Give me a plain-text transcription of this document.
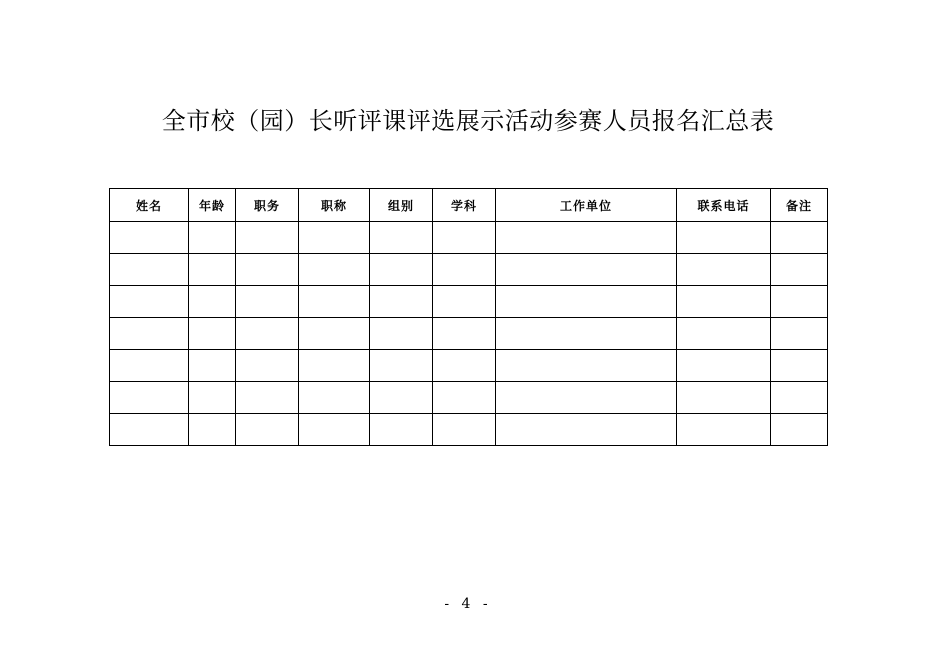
全市校（园）长听评课评选展示活动参赛人员报名汇总表
姓名	年龄	职务	职称	组别	学科	工作单位	联系电话	备注

- 4 -
